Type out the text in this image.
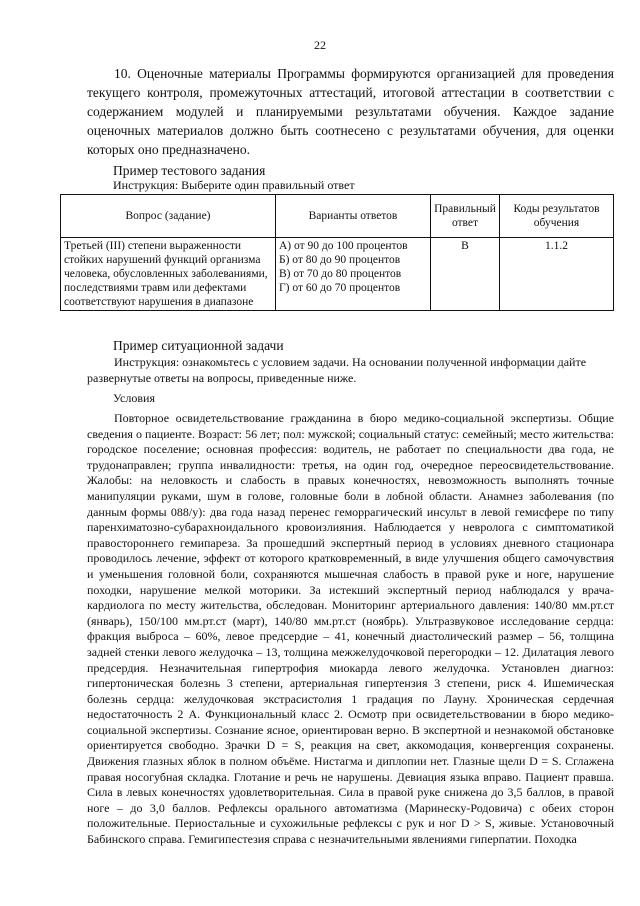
22

10. Оценочные материалы Программы формируются организацией для проведения текущего контроля, промежуточных аттестаций, итоговой аттестации в соответствии с содержанием модулей и планируемыми результатами обучения. Каждое задание оценочных материалов должно быть соотнесено с результатами обучения, для оценки которых оно предназначено.

Пример тестового задания
Инструкция: Выберите один правильный ответ
Вопрос (задание)	Варианты ответов	Правильный ответ	Коды результатов обучения
Третьей (III) степени выраженности стойких нарушений функций организма человека, обусловленных заболеваниями, последствиями травм или дефектами соответствуют нарушения в диапазоне	А) от 90 до 100 процентов
Б) от 80 до 90 процентов
В) от 70 до 80 процентов
Г) от 60 до 70 процентов	В	1.1.2
Пример ситуационной задачи

Инструкция: ознакомьтесь с условием задачи. На основании полученной информации дайте развернутые ответы на вопросы, приведенные ниже.

Условия

Повторное освидетельствование гражданина в бюро медико-социальной экспертизы. Общие сведения о пациенте. Возраст: 56 лет; пол: мужской; социальный статус: семейный; место жительства: городское поселение; основная профессия: водитель, не работает по специальности два года, не трудонаправлен; группа инвалидности: третья, на один год, очередное переосвидетельствование. Жалобы: на неловкость и слабость в правых конечностях, невозможность выполнять точные манипуляции руками, шум в голове, головные боли в лобной области. Анамнез заболевания (по данным формы 088/у): два года назад перенес геморрагический инсульт в левой гемисфере по типу паренхиматозно-субарахноидального кровоизлияния. Наблюдается у невролога с симптоматикой правостороннего гемипареза. За прошедший экспертный период в условиях дневного стационара проводилось лечение, эффект от которого кратковременный, в виде улучшения общего самочувствия и уменьшения головной боли, сохраняются мышечная слабость в правой руке и ноге, нарушение походки, нарушение мелкой моторики. За истекший экспертный период наблюдался у врача-кардиолога по месту жительства, обследован. Мониторинг артериального давления: 140/80 мм.рт.ст (январь), 150/100 мм.рт.ст (март), 140/80 мм.рт.ст (ноябрь). Ультразвуковое исследование сердца: фракция выброса – 60%, левое предсердие – 41, конечный диастолический размер – 56, толщина задней стенки левого желудочка – 13, толщина межжелудочковой перегородки – 12. Дилатация левого предсердия. Незначительная гипертрофия миокарда левого желудочка. Установлен диагноз: гипертоническая болезнь 3 степени, артериальная гипертензия 3 степени, риск 4. Ишемическая болезнь сердца: желудочковая экстрасистолия 1 градация по Лауну. Хроническая сердечная недостаточность 2 А. Функциональный класс 2. Осмотр при освидетельствовании в бюро медико-социальной экспертизы. Сознание ясное, ориентирован верно. В экспертной и незнакомой обстановке ориентируется свободно. Зрачки D = S, реакция на свет, аккомодация, конвергенция сохранены. Движения глазных яблок в полном объёме. Нистагма и диплопии нет. Глазные щели D = S. Сглажена правая носогубная складка. Глотание и речь не нарушены. Девиация языка вправо. Пациент правша. Сила в левых конечностях удовлетворительная. Сила в правой руке снижена до 3,5 баллов, в правой ноге – до 3,0 баллов. Рефлексы орального автоматизма (Маринеску-Родовича) с обеих сторон положительные. Периостальные и сухожильные рефлексы с рук и ног D > S, живые. Установочный Бабинского справа. Гемигипестезия справа с незначительными явлениями гиперпатии. Походка
